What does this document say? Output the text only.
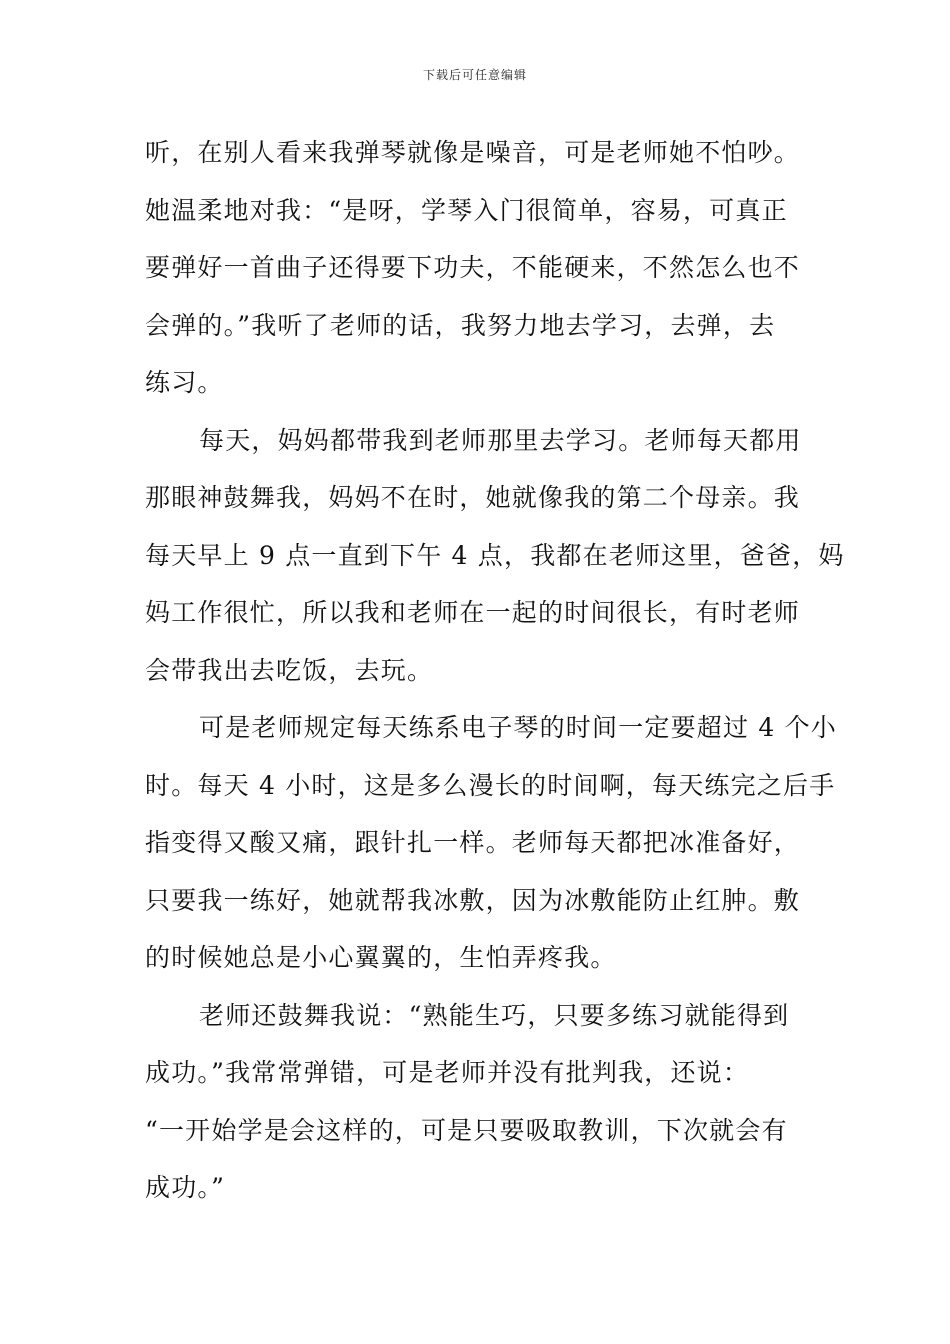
下载后可任意编辑
听，在别人看来我弹琴就像是噪音，可是老师她不怕吵。
她温柔地对我：“是呀，学琴入门很简单，容易，可真正
要弹好一首曲子还得要下功夫，不能硬来，不然怎么也不
会弹的。”我听了老师的话，我努力地去学习，去弹，去
练习。
每天，妈妈都带我到老师那里去学习。老师每天都用
那眼神鼓舞我，妈妈不在时，她就像我的第二个母亲。我
每天早上 9 点一直到下午 4 点，我都在老师这里，爸爸，妈
妈工作很忙，所以我和老师在一起的时间很长，有时老师
会带我出去吃饭，去玩。
可是老师规定每天练系电子琴的时间一定要超过 4 个小
时。每天 4 小时，这是多么漫长的时间啊，每天练完之后手
指变得又酸又痛，跟针扎一样。老师每天都把冰准备好，
只要我一练好，她就帮我冰敷，因为冰敷能防止红肿。敷
的时候她总是小心翼翼的，生怕弄疼我。
老师还鼓舞我说：“熟能生巧，只要多练习就能得到
成功。”我常常弹错，可是老师并没有批判我，还说：
“一开始学是会这样的，可是只要吸取教训，下次就会有
成功。”
